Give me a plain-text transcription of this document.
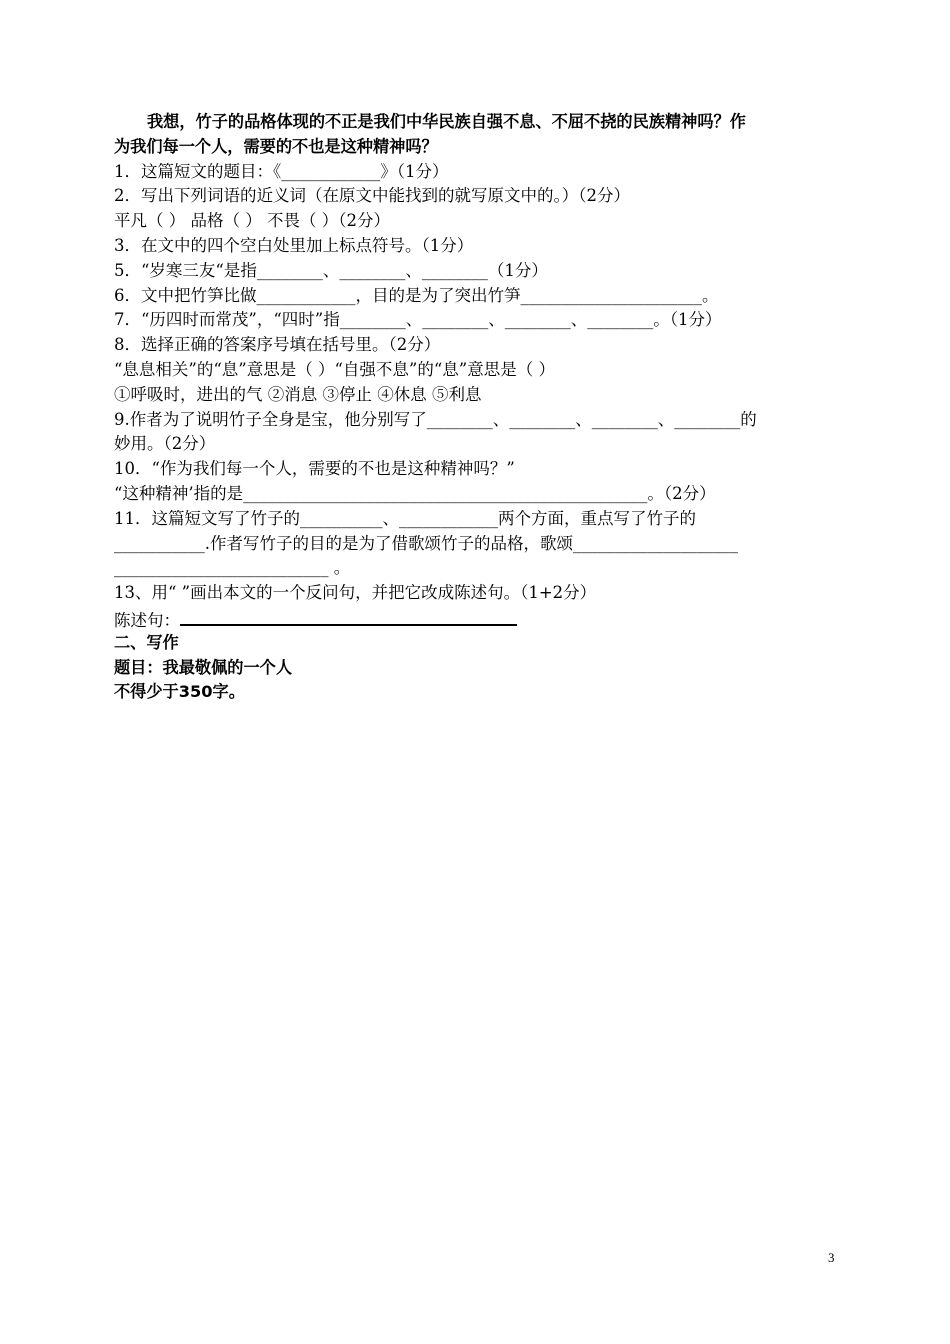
我想，竹子的品格体现的不正是我们中华民族自强不息、不屈不挠的民族精神吗？作
为我们每一个人，需要的不也是这种精神吗？
1．这篇短文的题目：《____________》（1分）
2．写出下列词语的近义词（在原文中能找到的就写原文中的。）（2分）
平凡（ ） 品格（ ） 不畏（ ）（2分）
3．在文中的四个空白处里加上标点符号。（1分）
5．“岁寒三友“是指________、________、________（1分）
6．文中把竹笋比做____________，目的是为了突出竹笋______________________。
7．“历四时而常茂”，“四时”指________、________、________、________。（1分）
8．选择正确的答案序号填在括号里。（2分）
“息息相关”的“息”意思是（ ）“自强不息”的“息”意思是（ ）
①呼吸时，进出的气 ②消息 ③停止 ④休息 ⑤利息
9.作者为了说明竹子全身是宝，他分别写了________、________、________、________的
妙用。（2分）
10．“作为我们每一个人，需要的不也是这种精神吗？”
“这种精神’指的是_________________________________________________。（2分）
11．这篇短文写了竹子的__________、____________两个方面，重点写了竹子的
___________.作者写竹子的目的是为了借歌颂竹子的品格，歌颂____________________
__________________________ 。
13、用“ ”画出本文的一个反问句，并把它改成陈述句。（1+2分）
陈述句：
二、写作
题目：我最敬佩的一个人
不得少于350字。
3
